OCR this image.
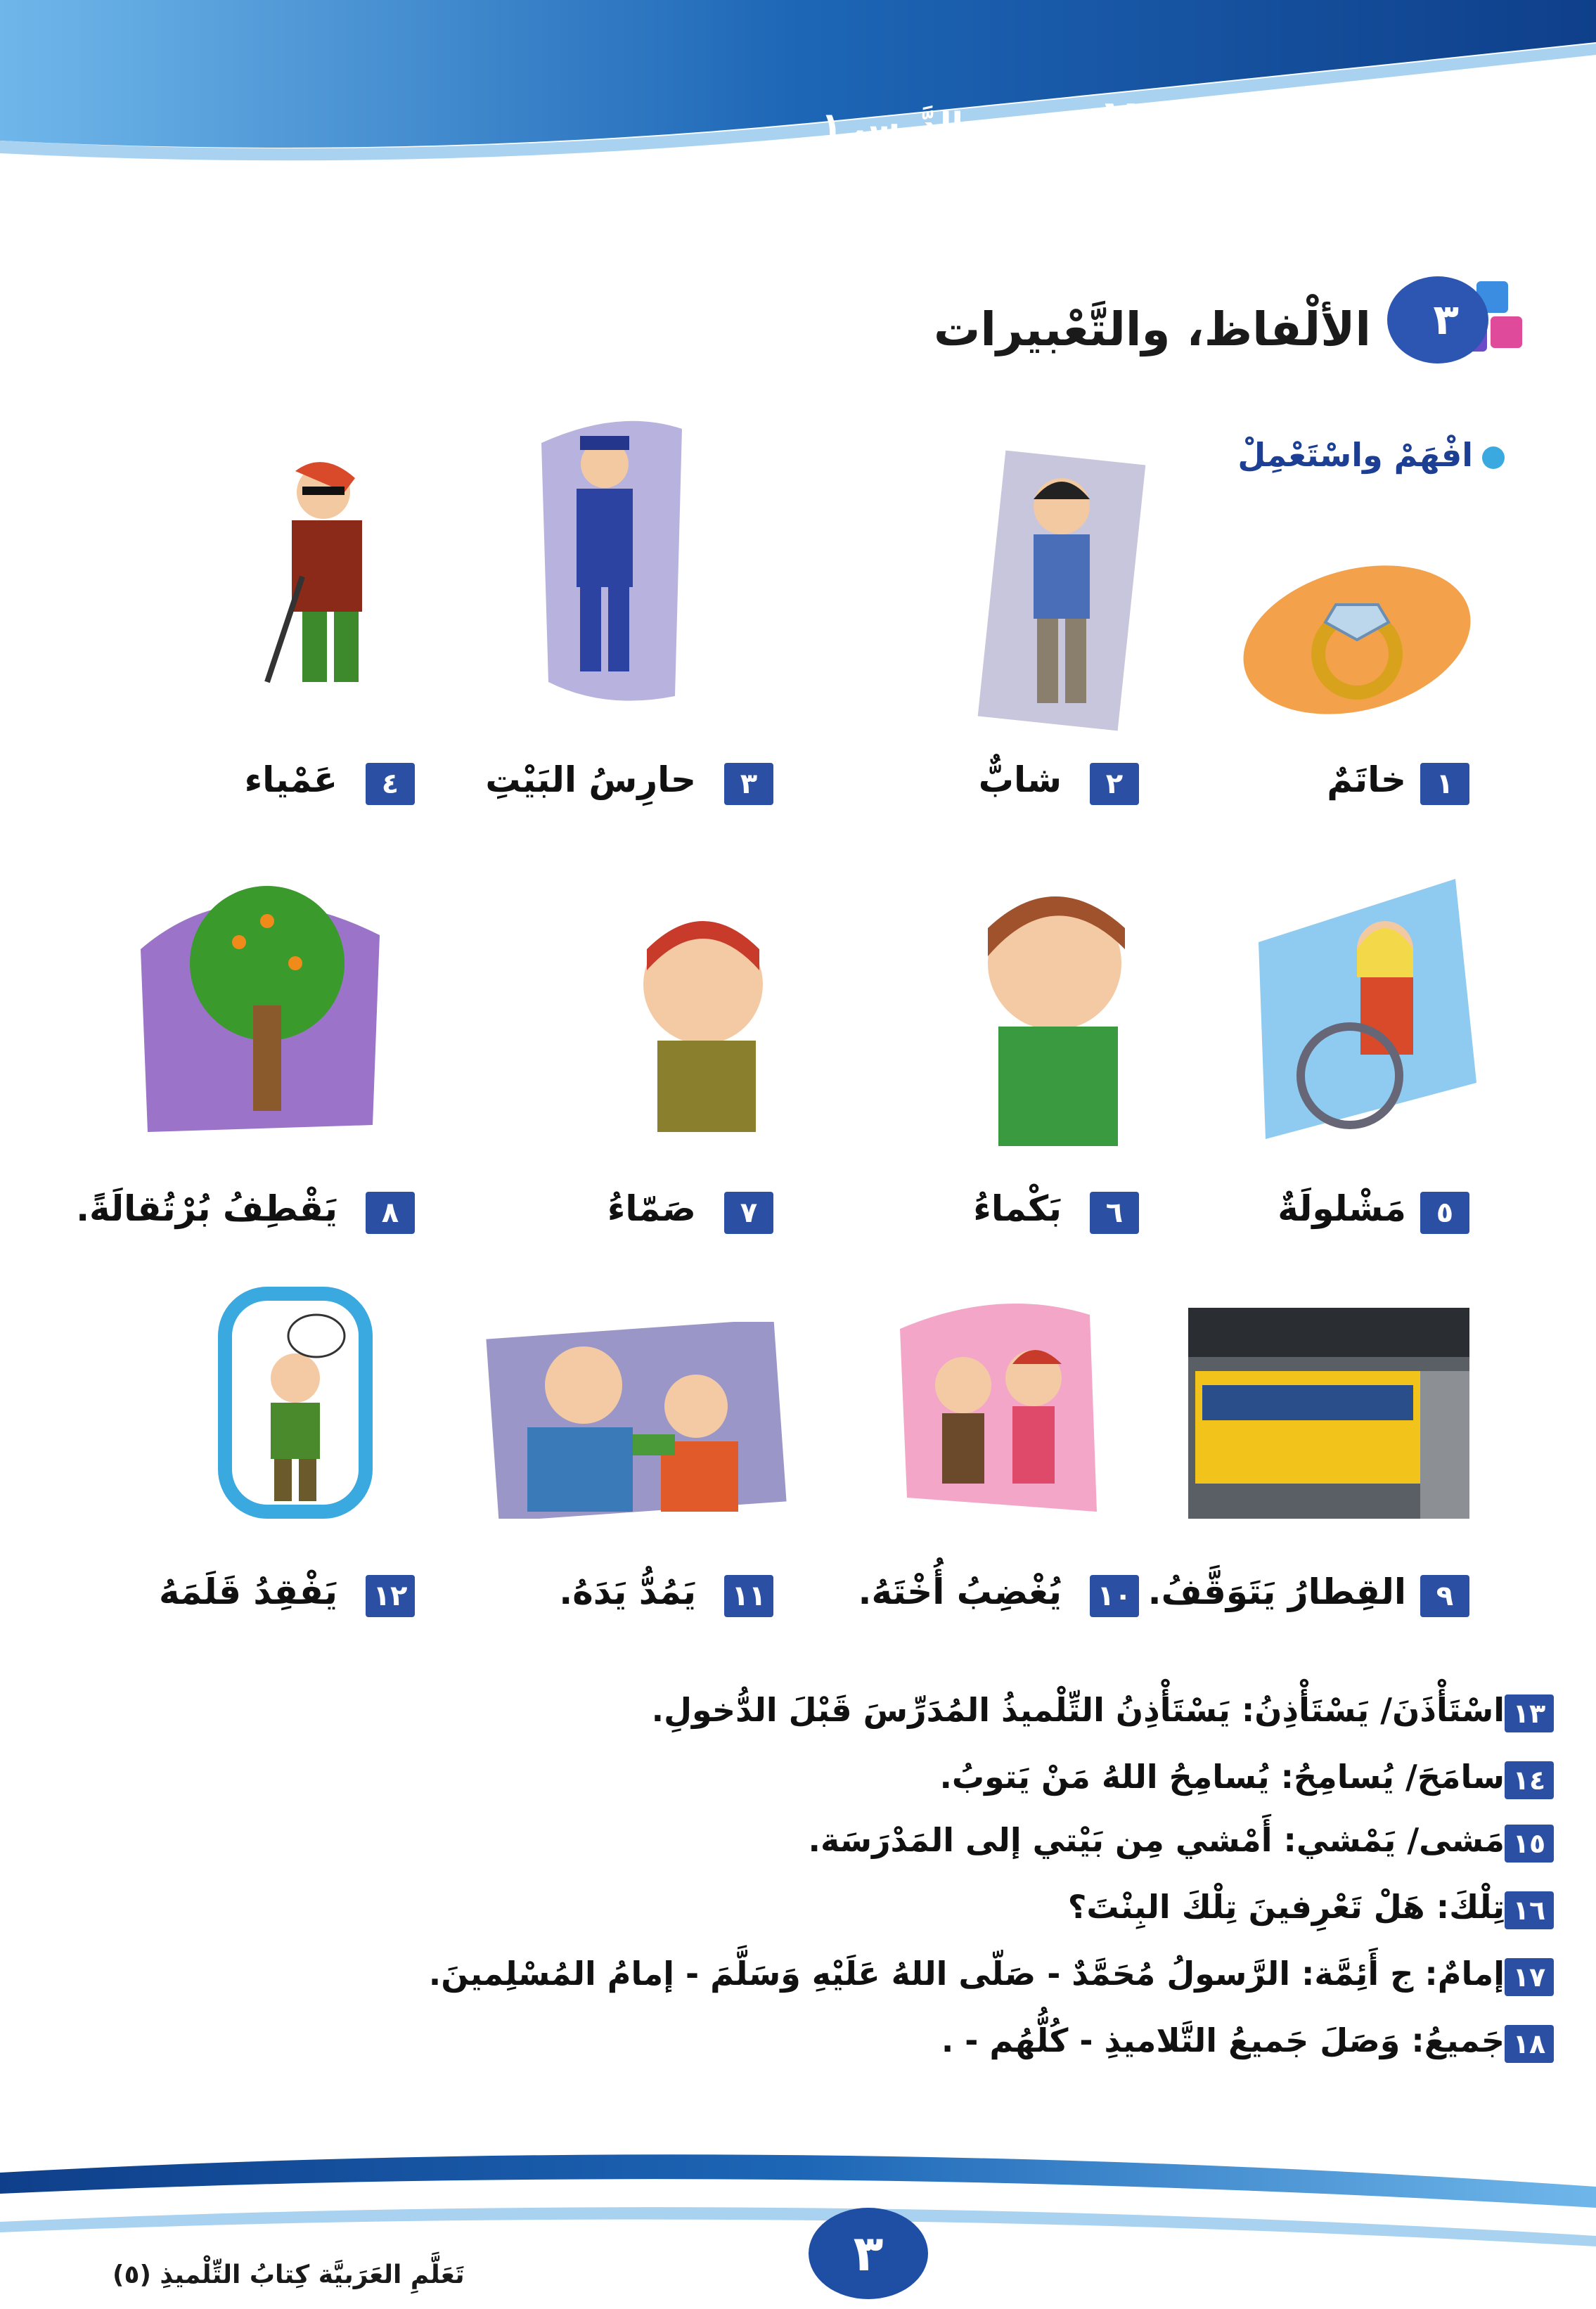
الوَحْدَة ١٣
الدَّرس ١
٣
الألْفاظ، والتَّعْبيرات
افْهَمْ واسْتَعْمِلْ
١
خاتَمٌ
٢
شابٌّ
٣
حارِسُ البَيْتِ
٤
عَمْياء
٥
مَشْلولَةٌ
٦
بَكْماءُ
٧
صَمّاءُ
٨
يَقْطِفُ بُرْتُقالَةً.
٩
القِطارُ يَتَوَقَّفُ.
١٠
يُغْضِبُ أُخْتَهُ.
١١
يَمُدُّ يَدَهُ.
١٢
يَفْقِدُ قَلَمَهُ
١٣
اسْتَأْذَنَ/ يَسْتَأْذِنُ: يَسْتَأْذِنُ التِّلْميذُ المُدَرِّسَ قَبْلَ الدُّخولِ.
١٤
سامَحَ/ يُسامِحُ: يُسامِحُ اللهُ مَنْ يَتوبُ.
١٥
مَشى/ يَمْشي: أَمْشي مِن بَيْتي إلى المَدْرَسَة.
١٦
تِلْكَ: هَلْ تَعْرِفينَ تِلْكَ البِنْتَ؟
١٧
إمامٌ: ج أَئِمَّة: الرَّسولُ مُحَمَّدٌ - صَلّى اللهُ عَلَيْهِ وَسَلَّمَ - إمامُ المُسْلِمينَ.
١٨
جَميعُ: وَصَلَ جَميعُ التَّلاميذِ - كُلُّهُم - .
٣
تَعَلَّمِ العَرَبيَّة كِتابُ التِّلْميذِ (٥)
